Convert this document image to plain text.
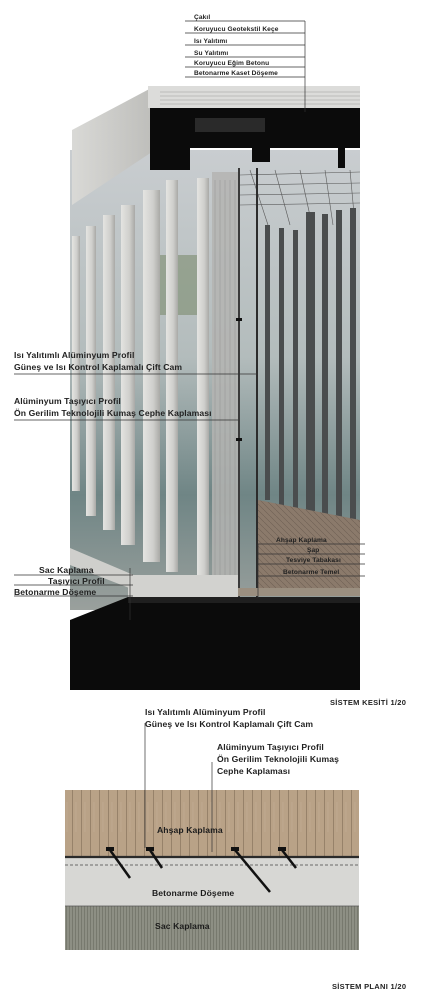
Çakıl
Koruyucu Geotekstil Keçe
Isı Yalıtımı
Su Yalıtımı
Koruyucu Eğim Betonu
Betonarme Kaset Döşeme
Isı Yalıtımlı Alüminyum Profil
Güneş ve Isı Kontrol Kaplamalı Çift Cam
Alüminyum Taşıyıcı Profil
Ön Gerilim Teknolojili Kumaş Cephe Kaplaması
Ahşap Kaplama
Şap
Tesviye Tabakası
Betonarme Temel
Sac Kaplama
Taşıyıcı Profil
Betonarme Döşeme
SİSTEM KESİTİ 1/20
Isı Yalıtımlı Alüminyum Profil
Güneş ve Isı Kontrol Kaplamalı Çift Cam
Alüminyum Taşıyıcı Profil
Ön Gerilim Teknolojili Kumaş
Cephe Kaplaması
Ahşap Kaplama
Betonarme Döşeme
Sac Kaplama
SİSTEM PLANI 1/20
